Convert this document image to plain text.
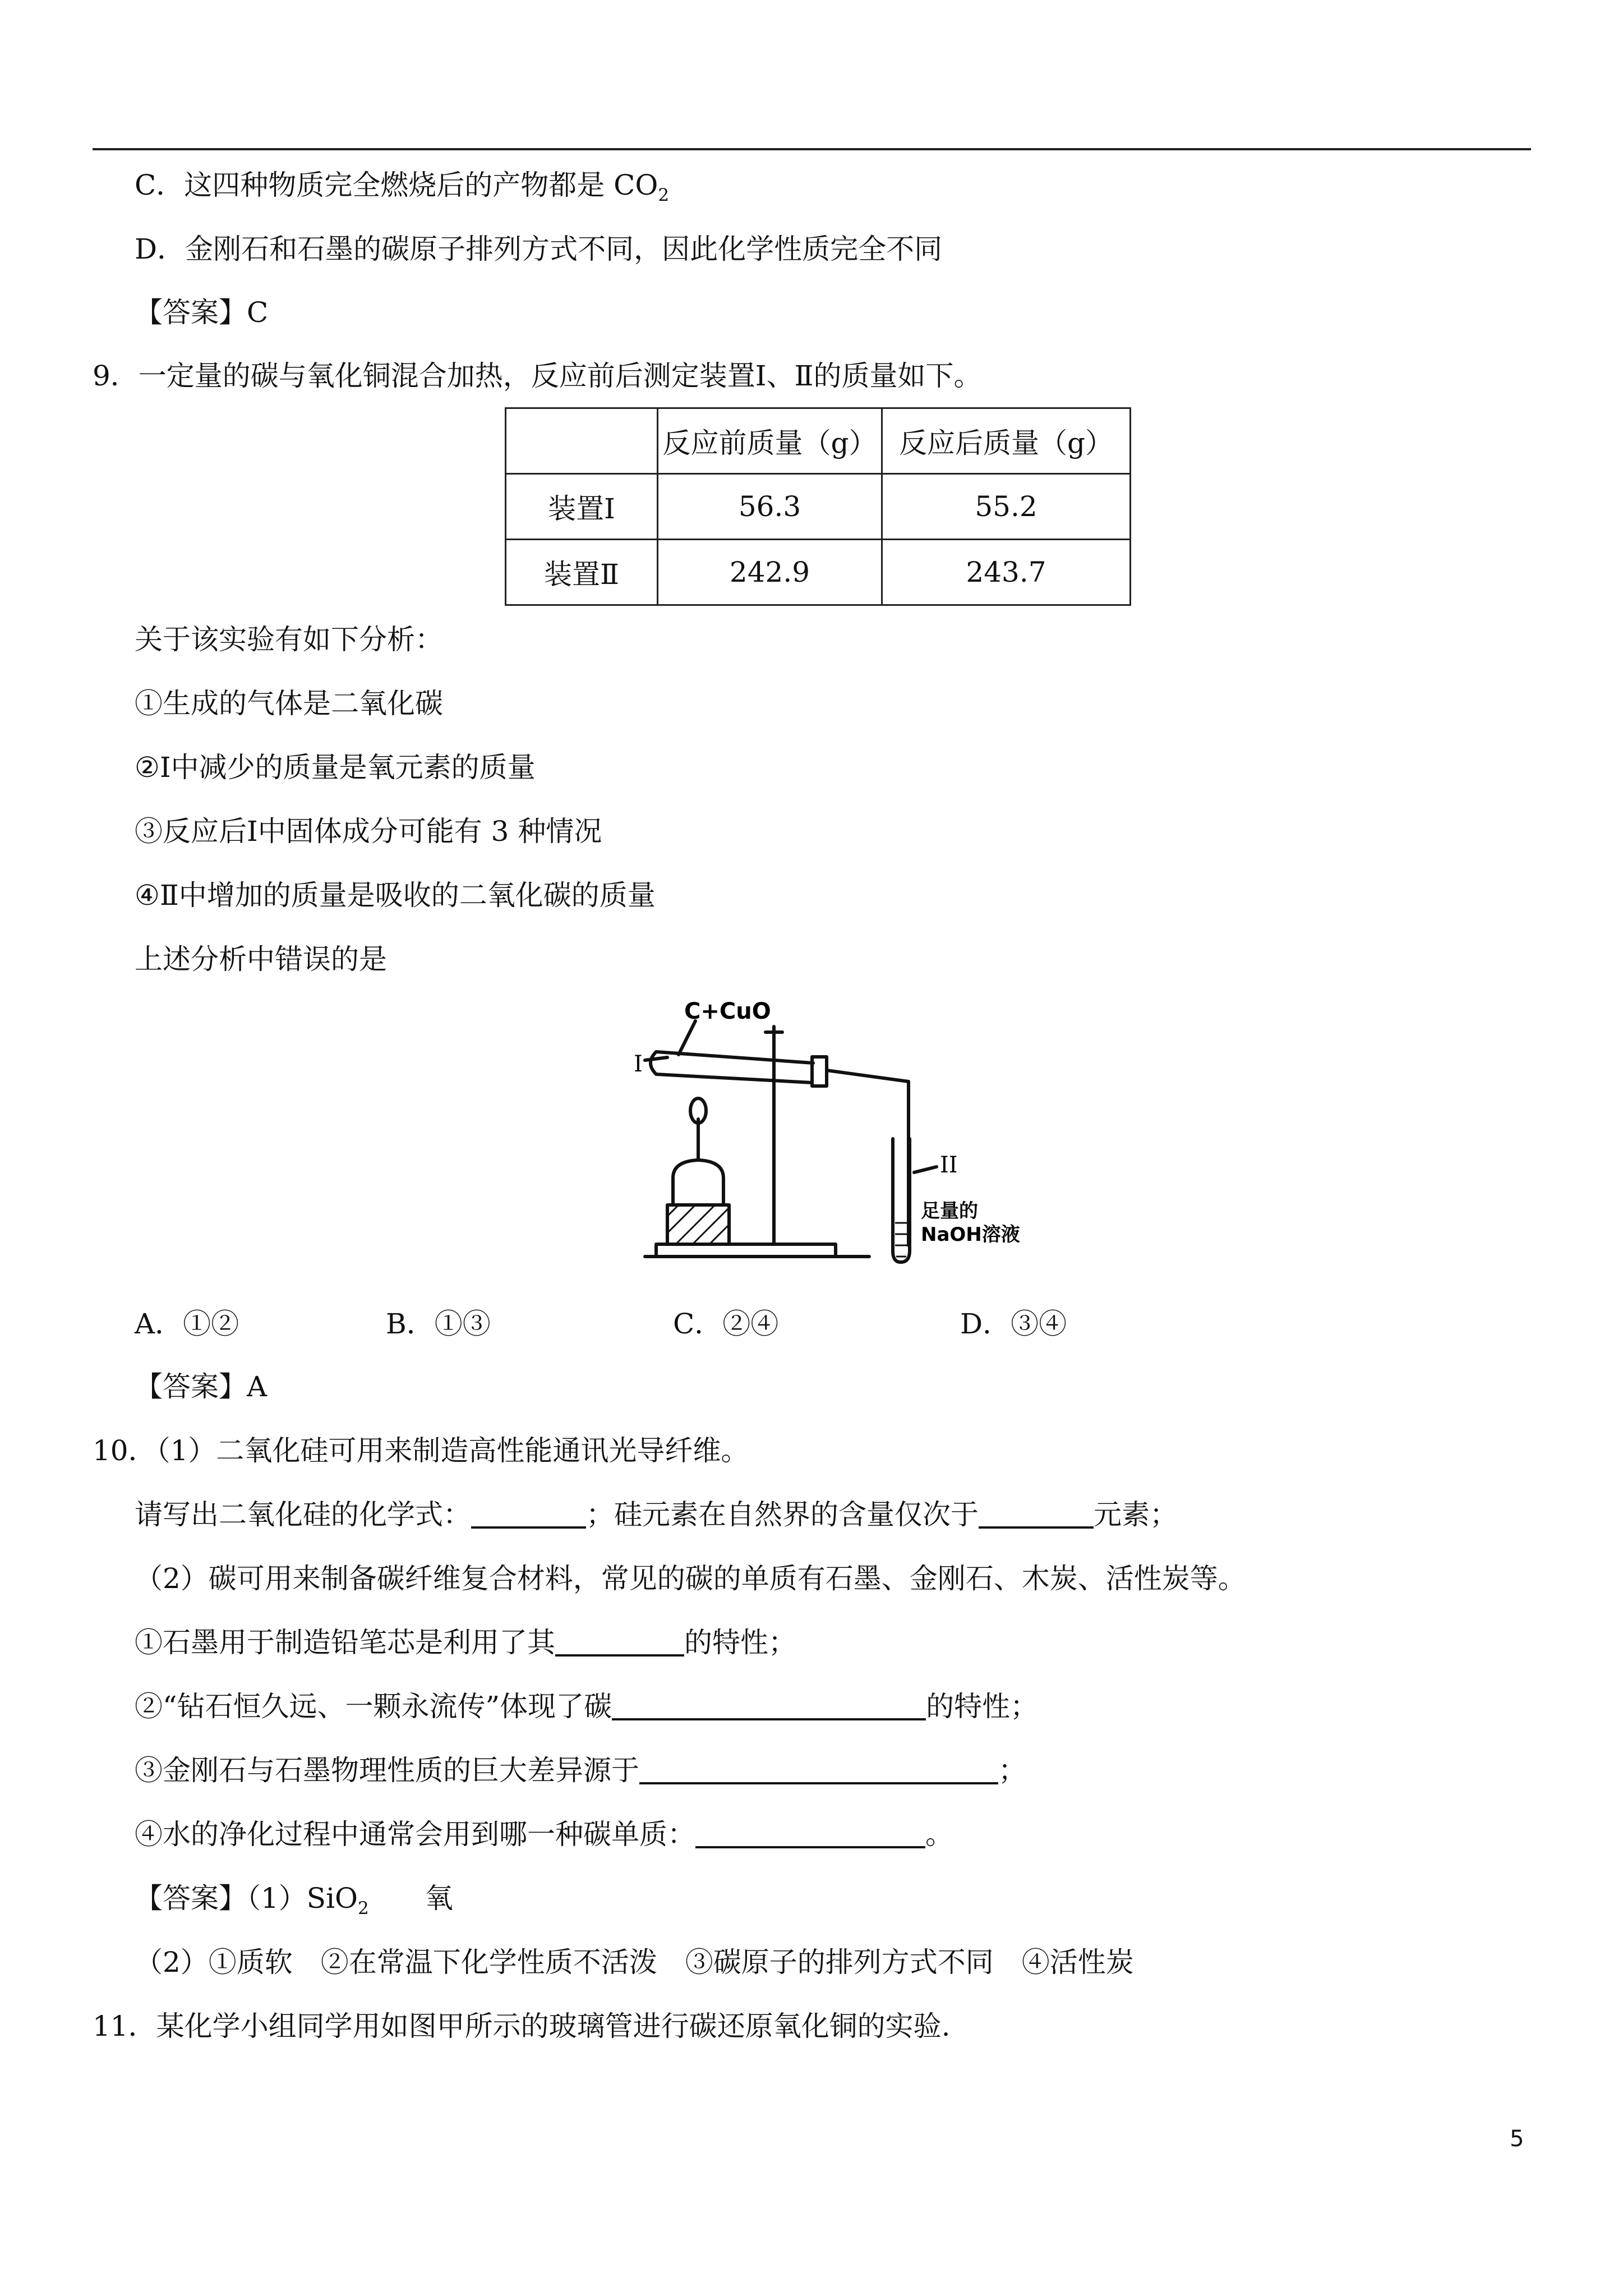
C．这四种物质完全燃烧后的产物都是 $CO_2$
D．金刚石和石墨的碳原子排列方式不同，因此化学性质完全不同
【答案】C
9．一定量的碳与氧化铜混合加热，反应前后测定装置Ⅰ、Ⅱ的质量如下。
	反应前质量（g）	反应后质量（g）
装置Ⅰ	56.3	55.2
装置Ⅱ	242.9	243.7
关于该实验有如下分析：
①生成的气体是二氧化碳
②Ⅰ中减少的质量是氧元素的质量
③反应后Ⅰ中固体成分可能有 3 种情况
④Ⅱ中增加的质量是吸收的二氧化碳的质量
上述分析中错误的是
C+CuO
I
II
足量的
NaOH溶液
A．①②	B．①③	C．②④	D．③④
【答案】A
10．（1）二氧化硅可用来制造高性能通讯光导纤维。
请写出二氧化硅的化学式：	；硅元素在自然界的含量仅次于	元素；
（2）碳可用来制备碳纤维复合材料，常见的碳的单质有石墨、金刚石、木炭、活性炭等。
①石墨用于制造铅笔芯是利用了其	的特性；
②“钻石恒久远、一颗永流传”体现了碳	的特性；
③金刚石与石墨物理性质的巨大差异源于	；
④水的净化过程中通常会用到哪一种碳单质：	。
【答案】（1）SiO$_2$ 氧
（2）①质软　②在常温下化学性质不活泼　③碳原子的排列方式不同　④活性炭
11．某化学小组同学用如图甲所示的玻璃管进行碳还原氧化铜的实验.
5
